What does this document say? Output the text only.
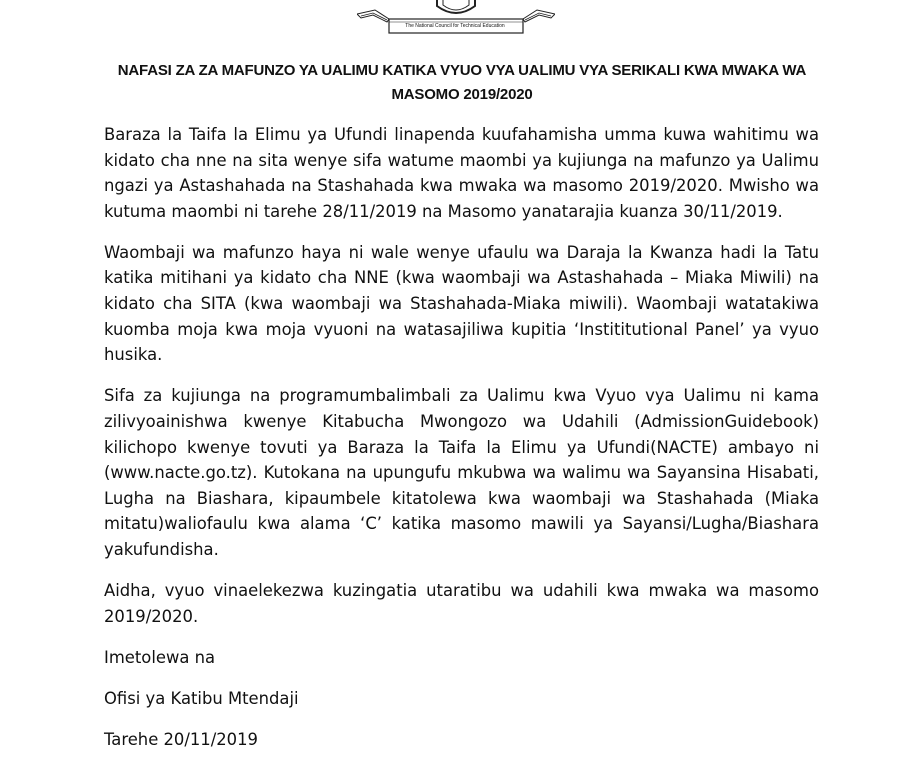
The National Council for Technical Education
NAFASI ZA ZA MAFUNZO YA UALIMU KATIKA VYUO VYA UALIMU VYA SERIKALI KWA MWAKA WA MASOMO 2019/2020

Baraza la Taifa la Elimu ya Ufundi linapenda kuufahamisha umma kuwa wahitimu wa kidato cha nne na sita wenye sifa watume maombi ya kujiunga na mafunzo ya Ualimu ngazi ya Astashahada na Stashahada kwa mwaka wa masomo 2019/2020. Mwisho wa kutuma maombi ni tarehe 28/11/2019 na Masomo yanatarajia kuanza 30/11/2019.

Waombaji wa mafunzo haya ni wale wenye ufaulu wa Daraja la Kwanza hadi la Tatu katika mitihani ya kidato cha NNE (kwa waombaji wa Astashahada – Miaka Miwili) na kidato cha SITA (kwa waombaji wa Stashahada-Miaka miwili). Waombaji watatakiwa kuomba moja kwa moja vyuoni na watasajiliwa kupitia ‘Instititutional Panel’ ya vyuo husika.

Sifa za kujiunga na programumbalimbali za Ualimu kwa Vyuo vya Ualimu ni kama zilivyoainishwa kwenye Kitabucha Mwongozo wa Udahili (AdmissionGuidebook) kilichopo kwenye tovuti ya Baraza la Taifa la Elimu ya Ufundi(NACTE) ambayo ni (www.nacte.go.tz). Kutokana na upungufu mkubwa wa walimu wa Sayansina Hisabati, Lugha na Biashara, kipaumbele kitatolewa kwa waombaji wa Stashahada (Miaka mitatu)waliofaulu kwa alama ‘C’ katika masomo mawili ya Sayansi/Lugha/Biashara yakufundisha.

Aidha, vyuo vinaelekezwa kuzingatia utaratibu wa udahili kwa mwaka wa masomo 2019/2020.

Imetolewa na

Ofisi ya Katibu Mtendaji

Tarehe 20/11/2019
